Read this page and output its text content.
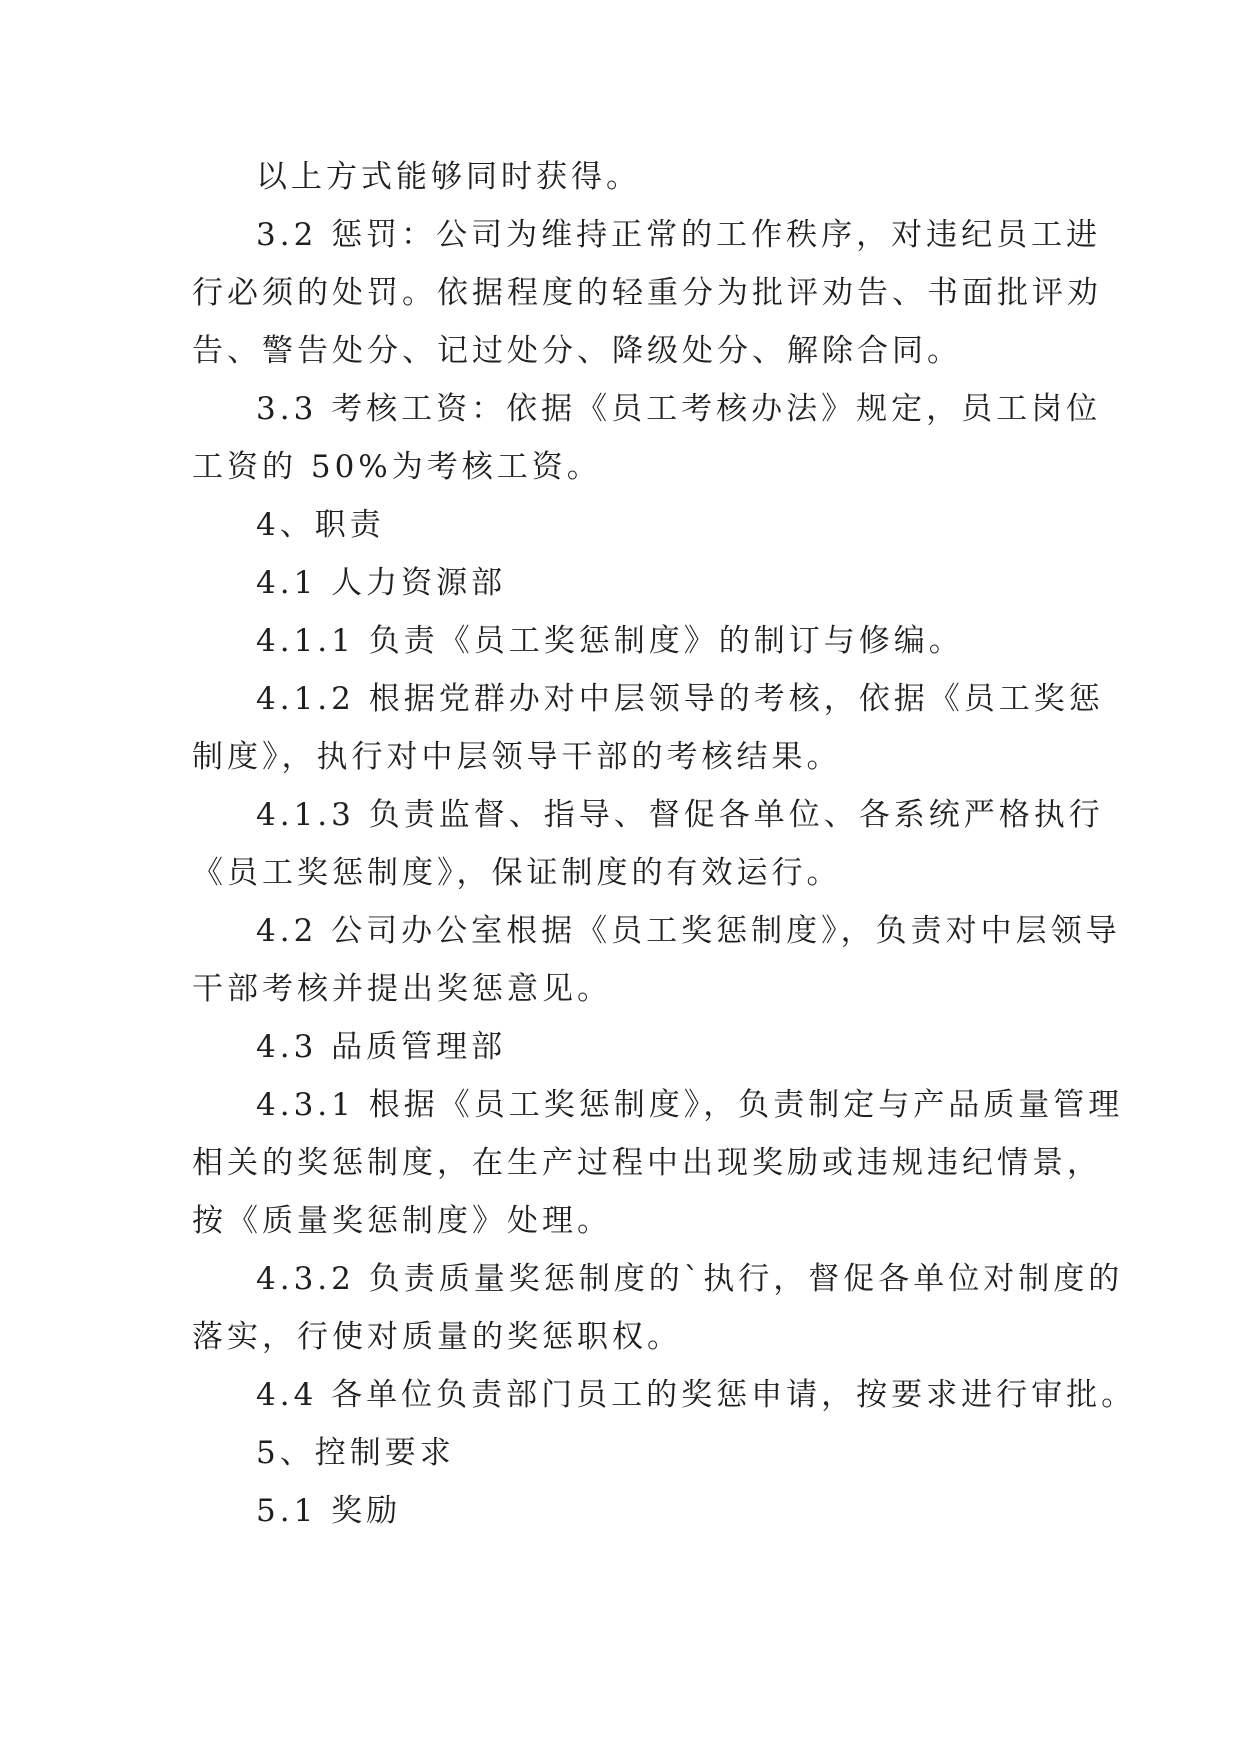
以上方式能够同时获得。

3.2 惩罚：公司为维持正常的工作秩序，对违纪员工进
行必须的处罚。依据程度的轻重分为批评劝告、书面批评劝
告、警告处分、记过处分、降级处分、解除合同。

3.3 考核工资：依据《员工考核办法》规定，员工岗位
工资的 50%为考核工资。

4、职责

4.1 人力资源部

4.1.1 负责《员工奖惩制度》的制订与修编。

4.1.2 根据党群办对中层领导的考核，依据《员工奖惩
制度》，执行对中层领导干部的考核结果。

4.1.3 负责监督、指导、督促各单位、各系统严格执行
《员工奖惩制度》，保证制度的有效运行。

4.2 公司办公室根据《员工奖惩制度》，负责对中层领导
干部考核并提出奖惩意见。

4.3 品质管理部

4.3.1 根据《员工奖惩制度》，负责制定与产品质量管理
相关的奖惩制度，在生产过程中出现奖励或违规违纪情景，
按《质量奖惩制度》处理。

4.3.2 负责质量奖惩制度的`执行，督促各单位对制度的
落实，行使对质量的奖惩职权。

4.4 各单位负责部门员工的奖惩申请，按要求进行审批。

5、控制要求

5.1 奖励
